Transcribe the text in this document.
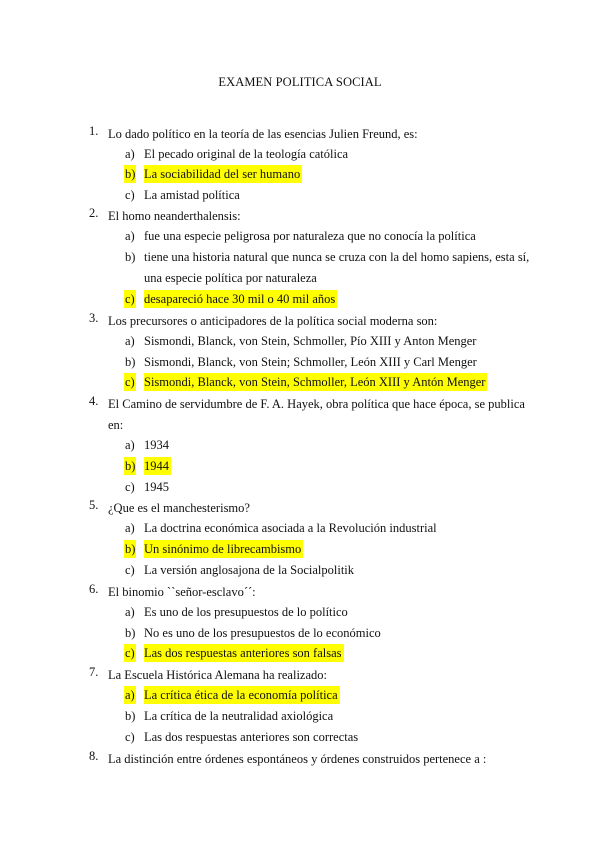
EXAMEN POLITICA SOCIAL
1. Lo dado político en la teoría de las esencias Julien Freund, es:
a) El pecado original de la teología católica
b) La sociabilidad del ser humano
c) La amistad política
2. El homo neanderthalensis:
a) fue una especie peligrosa por naturaleza que no conocía la política
b) tiene una historia natural que nunca se cruza con la del homo sapiens, esta sí,
una especie política por naturaleza
c) desapareció hace 30 mil o 40 mil años
3. Los precursores o anticipadores de la política social moderna son:
a) Sismondi, Blanck, von Stein, Schmoller, Pío XIII y Anton Menger
b) Sismondi, Blanck, von Stein; Schmoller, León XIII y Carl Menger
c) Sismondi, Blanck, von Stein, Schmoller, León XIII y Antón Menger
4. El Camino de servidumbre de F. A. Hayek, obra política que hace época, se publica
en:
a) 1934
b) 1944
c) 1945
5. ¿Que es el manchesterismo?
a) La doctrina económica asociada a la Revolución industrial
b) Un sinónimo de librecambismo
c) La versión anglosajona de la Socialpolitik
6. El binomio ``señor-esclavo´´:
a) Es uno de los presupuestos de lo político
b) No es uno de los presupuestos de lo económico
c) Las dos respuestas anteriores son falsas
7. La Escuela Histórica Alemana ha realizado:
a) La crítica ética de la economía política
b) La crítica de la neutralidad axiológica
c) Las dos respuestas anteriores son correctas
8. La distinción entre órdenes espontáneos y órdenes construidos pertenece a :
